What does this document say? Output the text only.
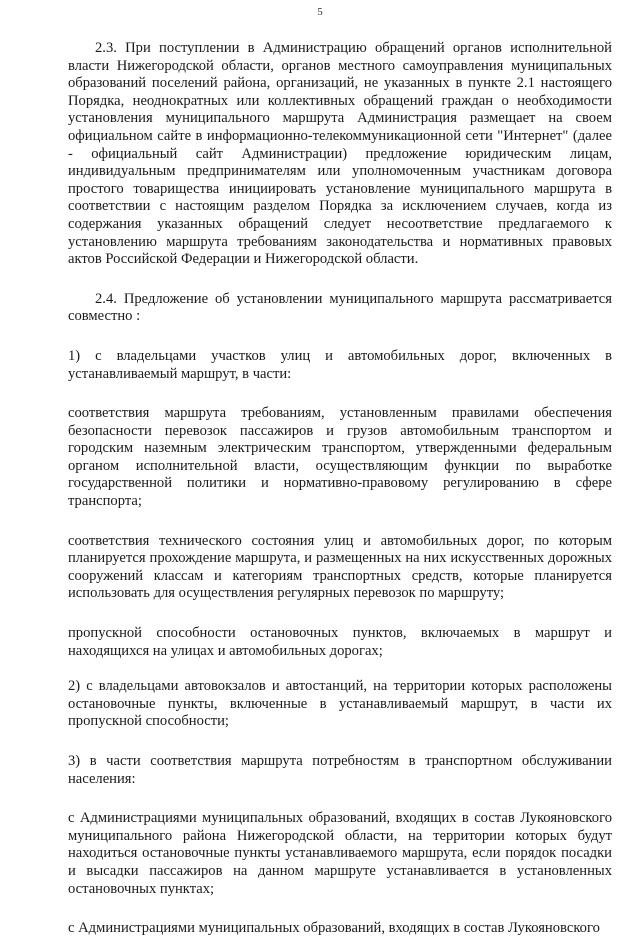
5

2.3. При поступлении в Администрацию обращений органов исполнительной власти Нижегородской области, органов местного самоуправления муниципальных образований поселений района, организаций, не указанных в пункте 2.1 настоящего Порядка, неоднократных или коллективных обращений граждан о необходимости установления муниципального маршрута Администрация размещает на своем официальном сайте в информационно-телекоммуникационной сети "Интернет" (далее - официальный сайт Администрации) предложение юридическим лицам, индивидуальным предпринимателям или уполномоченным участникам договора простого товарищества инициировать установление муниципального маршрута в соответствии с настоящим разделом Порядка за исключением случаев, когда из содержания указанных обращений следует несоответствие предлагаемого к установлению маршрута требованиям законодательства и нормативных правовых актов Российской Федерации и Нижегородской области.

2.4. Предложение об установлении муниципального маршрута рассматривается совместно :

1) с владельцами участков улиц и автомобильных дорог, включенных в устанавливаемый маршрут, в части:

соответствия маршрута требованиям, установленным правилами обеспечения безопасности перевозок пассажиров и грузов автомобильным транспортом и городским наземным электрическим транспортом, утвержденными федеральным органом исполнительной власти, осуществляющим функции по выработке государственной политики и нормативно-правовому регулированию в сфере транспорта;

соответствия технического состояния улиц и автомобильных дорог, по которым планируется прохождение маршрута, и размещенных на них искусственных дорожных сооружений классам и категориям транспортных средств, которые планируется использовать для осуществления регулярных перевозок по маршруту;

пропускной способности остановочных пунктов, включаемых в маршрут и находящихся на улицах и автомобильных дорогах;

2) с владельцами автовокзалов и автостанций, на территории которых расположены остановочные пункты, включенные в устанавливаемый маршрут, в части их пропускной способности;

3) в части соответствия маршрута потребностям в транспортном обслуживании населения:

с Администрациями муниципальных образований, входящих в состав Лукояновского муниципального района Нижегородской области, на территории которых будут находиться остановочные пункты устанавливаемого маршрута, если порядок посадки и высадки пассажиров на данном маршруте устанавливается в установленных остановочных пунктах;

с Администрациями муниципальных образований, входящих в состав Лукояновского
